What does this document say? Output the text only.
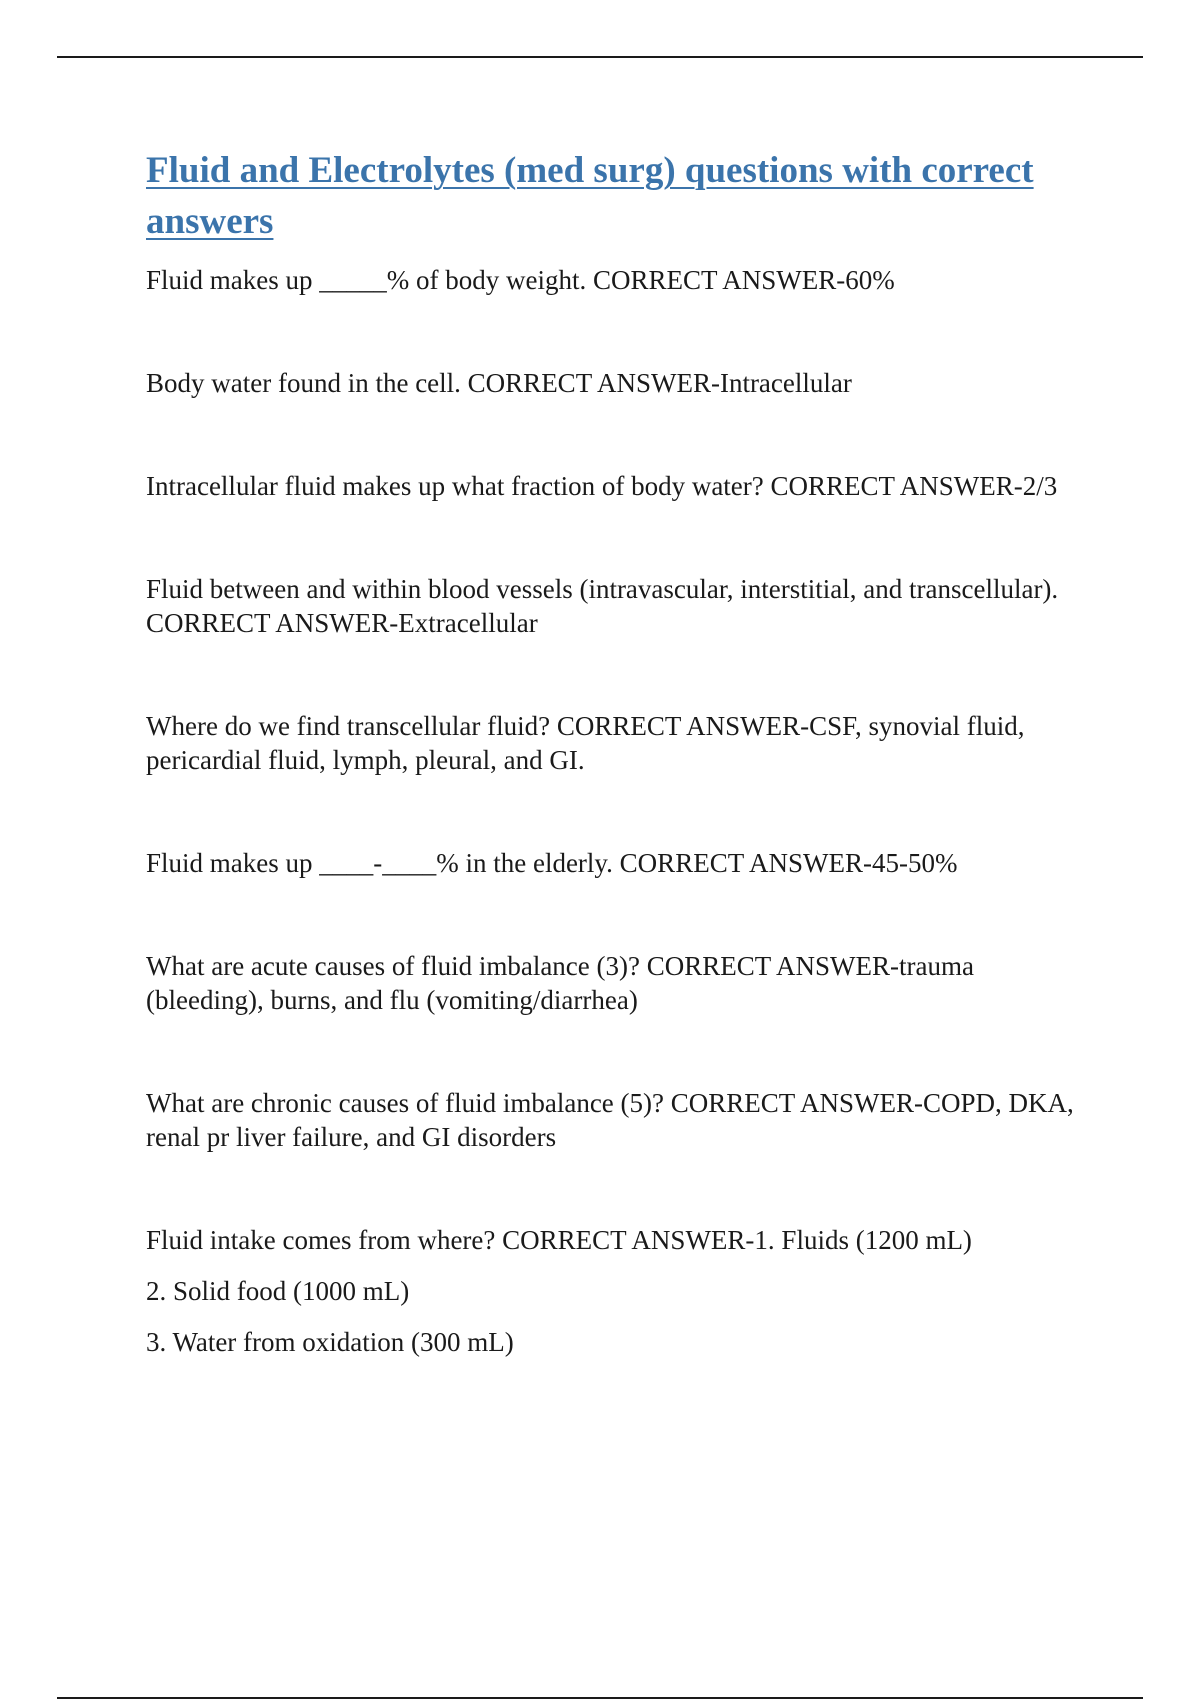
Fluid and Electrolytes (med surg) questions with correct answers

Fluid makes up _____% of body weight. CORRECT ANSWER-60%

Body water found in the cell. CORRECT ANSWER-Intracellular

Intracellular fluid makes up what fraction of body water? CORRECT ANSWER-2/3

Fluid between and within blood vessels (intravascular, interstitial, and transcellular). CORRECT ANSWER-Extracellular

Where do we find transcellular fluid? CORRECT ANSWER-CSF, synovial fluid, pericardial fluid, lymph, pleural, and GI.

Fluid makes up ____-____% in the elderly. CORRECT ANSWER-45-50%

What are acute causes of fluid imbalance (3)? CORRECT ANSWER-trauma (bleeding), burns, and flu (vomiting/diarrhea)

What are chronic causes of fluid imbalance (5)? CORRECT ANSWER-COPD, DKA, renal pr liver failure, and GI disorders

Fluid intake comes from where? CORRECT ANSWER-1. Fluids (1200 mL)

2. Solid food (1000 mL)

3. Water from oxidation (300 mL)
